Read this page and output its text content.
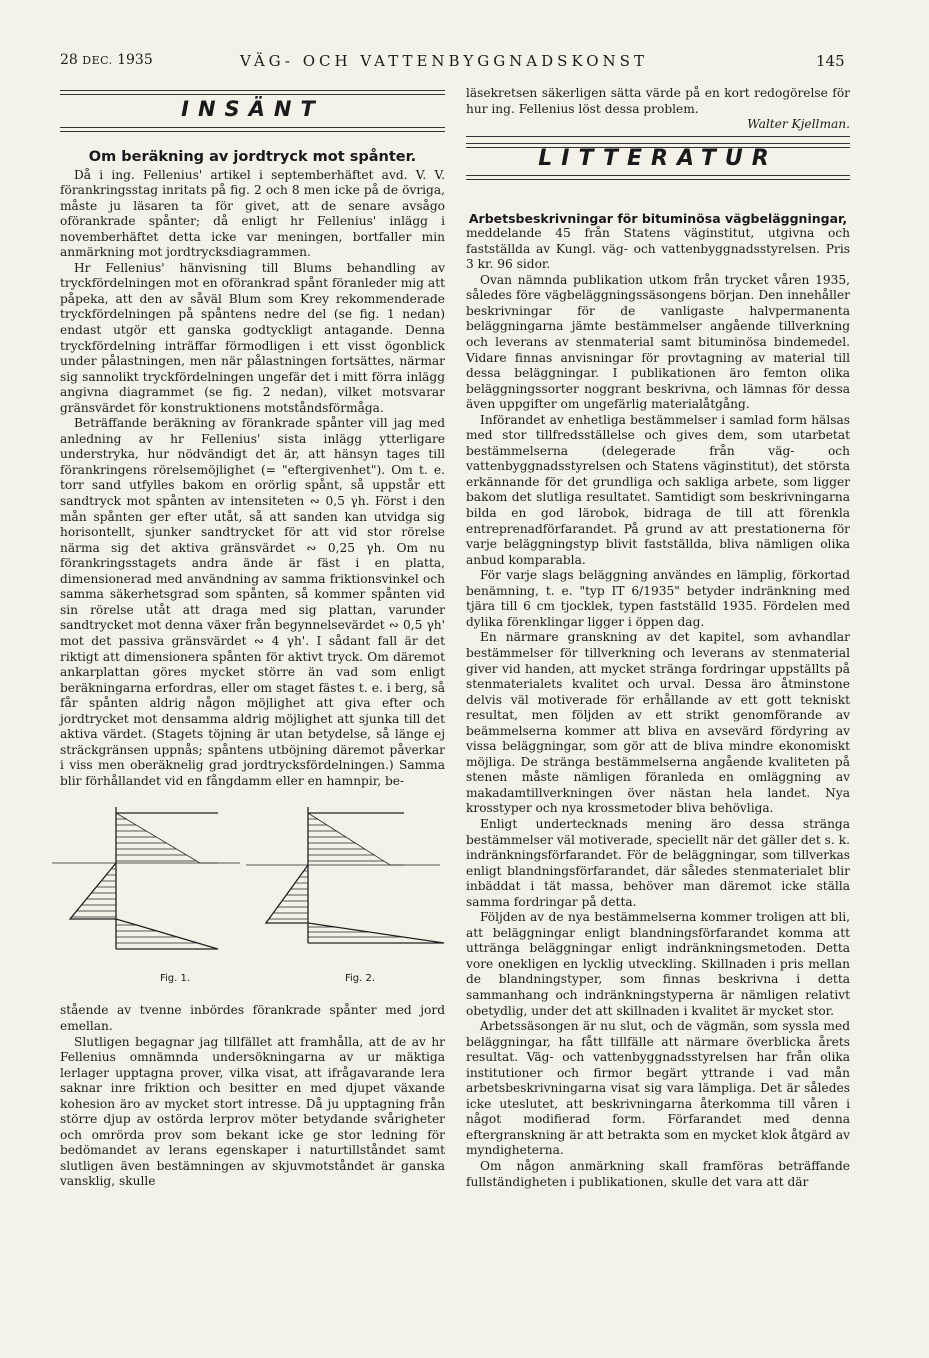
28 DEC. 1935	VÄG- OCH VATTENBYGGNADSKONST	145
INSÄNT
LITTERATUR
Om beräkning av jordtryck mot spånter.

Då i ing. Fellenius' artikel i septemberhäftet avd. V. V. förankringsstag inritats på fig. 2 och 8 men icke på de övriga, måste ju läsaren ta för givet, att de senare avsågo oförankrade spånter; då enligt hr Fellenius' inlägg i novemberhäftet detta icke var meningen, bortfaller min anmärkning mot jordtrycksdiagrammen.

Hr Fellenius' hänvisning till Blums behandling av tryckfördelningen mot en oförankrad spånt föranleder mig att påpeka, att den av såväl Blum som Krey rekommenderade tryckfördelningen på spåntens nedre del (se fig. 1 nedan) endast utgör ett ganska godtyckligt antagande. Denna tryckfördelning inträffar förmodligen i ett visst ögonblick under pålastningen, men när pålastningen fortsättes, närmar sig sannolikt tryckfördelningen ungefär det i mitt förra inlägg angivna diagrammet (se fig. 2 nedan), vilket motsvarar gränsvärdet för konstruktionens motståndsförmåga.

Beträffande beräkning av förankrade spånter vill jag med anledning av hr Fellenius' sista inlägg ytterligare understryka, hur nödvändigt det är, att hänsyn tages till förankringens rörelsemöjlighet (= "eftergivenhet"). Om t. e. torr sand utfylles bakom en orörlig spånt, så uppstår ett sandtryck mot spånten av intensiteten ∾ 0,5 γh. Först i den mån spånten ger efter utåt, så att sanden kan utvidga sig horisontellt, sjunker sandtrycket för att vid stor rörelse närma sig det aktiva gränsvärdet ∾ 0,25 γh. Om nu förankringsstagets andra ände är fäst i en platta, dimensionerad med användning av samma friktionsvinkel och samma säkerhetsgrad som spånten, så kommer spånten vid sin rörelse utåt att draga med sig plattan, varunder sandtrycket mot denna växer från begynnelsevärdet ∾ 0,5 γh' mot det passiva gränsvärdet ∾ 4 γh'. I sådant fall är det riktigt att dimensionera spånten för aktivt tryck. Om däremot ankarplattan göres mycket större än vad som enligt beräkningarna erfordras, eller om staget fästes t. e. i berg, så får spånten aldrig någon möjlighet att giva efter och jordtrycket mot densamma aldrig möjlighet att sjunka till det aktiva värdet. (Stagets töjning är utan betydelse, så länge ej sträckgränsen uppnås; spåntens utböjning däremot påverkar i viss men oberäknelig grad jordtrycksfördelningen.) Samma blir förhållandet vid en fångdamm eller en hamnpir, be-

Fig. 1.	Fig. 2.

stående av tvenne inbördes förankrade spånter med jord emellan.

Slutligen begagnar jag tillfället att framhålla, att de av hr Fellenius omnämnda undersökningarna av ur mäktiga lerlager upptagna prover, vilka visat, att ifrågavarande lera saknar inre friktion och besitter en med djupet växande kohesion äro av mycket stort intresse. Då ju upptagning från större djup av ostörda lerprov möter betydande svårigheter och omrörda prov som bekant icke ge stor ledning för bedömandet av lerans egenskaper i naturtillståndet samt slutligen även bestämningen av skjuvmotståndet är ganska vansklig, skulle

läsekretsen säkerligen sätta värde på en kort redogörelse för hur ing. Fellenius löst dessa problem.

Walter Kjellman.
Arbetsbeskrivningar för bituminösa vägbeläggningar,

meddelande 45 från Statens väginstitut, utgivna och fastställda av Kungl. väg- och vattenbyggnadsstyrelsen. Pris 3 kr. 96 sidor.

Ovan nämnda publikation utkom från trycket våren 1935, således före vägbeläggningssäsongens början. Den innehåller beskrivningar för de vanligaste halvpermanenta beläggningarna jämte bestämmelser angående tillverkning och leverans av stenmaterial samt bituminösa bindemedel. Vidare finnas anvisningar för provtagning av material till dessa beläggningar. I publikationen äro femton olika beläggningssorter noggrant beskrivna, och lämnas för dessa även uppgifter om ungefärlig materialåtgång.

Införandet av enhetliga bestämmelser i samlad form hälsas med stor tillfredsställelse och gives dem, som utarbetat bestämmelserna (delegerade från väg- och vattenbyggnadsstyrelsen och Statens väginstitut), det största erkännande för det grundliga och sakliga arbete, som ligger bakom det slutliga resultatet. Samtidigt som beskrivningarna bilda en god lärobok, bidraga de till att förenkla entreprenadförfarandet. På grund av att prestationerna för varje beläggningstyp blivit fastställda, bliva nämligen olika anbud komparabla.

För varje slags beläggning användes en lämplig, förkortad benämning, t. e. "typ IT 6/1935" betyder indränkning med tjära till 6 cm tjocklek, typen fastställd 1935. Fördelen med dylika förenklingar ligger i öppen dag.

En närmare granskning av det kapitel, som avhandlar bestämmelser för tillverkning och leverans av stenmaterial giver vid handen, att mycket stränga fordringar uppställts på stenmaterialets kvalitet och urval. Dessa äro åtminstone delvis väl motiverade för erhållande av ett gott tekniskt resultat, men följden av ett strikt genomförande av beämmelserna kommer att bliva en avsevärd fördyring av vissa beläggningar, som gör att de bliva mindre ekonomiskt möjliga. De stränga bestämmelserna angående kvaliteten på stenen måste nämligen föranleda en omläggning av makadamtillverkningen över nästan hela landet. Nya krosstyper och nya krossmetoder bliva behövliga.

Enligt undertecknads mening äro dessa stränga bestämmelser väl motiverade, speciellt när det gäller det s. k. indränkningsförfarandet. För de beläggningar, som tillverkas enligt blandningsförfarandet, där således stenmaterialet blir inbäddat i tät massa, behöver man däremot icke ställa samma fordringar på detta.

Följden av de nya bestämmelserna kommer troligen att bli, att beläggningar enligt blandningsförfarandet komma att uttränga beläggningar enligt indränkningsmetoden. Detta vore onekligen en lycklig utveckling. Skillnaden i pris mellan de blandningstyper, som finnas beskrivna i detta sammanhang och indränkningstyperna är nämligen relativt obetydlig, under det att skillnaden i kvalitet är mycket stor.

Arbetssäsongen är nu slut, och de vägmän, som syssla med beläggningar, ha fått tillfälle att närmare överblicka årets resultat. Väg- och vattenbyggnadsstyrelsen har från olika institutioner och firmor begärt yttrande i vad mån arbetsbeskrivningarna visat sig vara lämpliga. Det är således icke uteslutet, att beskrivningarna återkomma till våren i något modifierad form. Förfarandet med denna eftergranskning är att betrakta som en mycket klok åtgärd av myndigheterna.

Om någon anmärkning skall framföras beträffande fullständigheten i publikationen, skulle det vara att där
